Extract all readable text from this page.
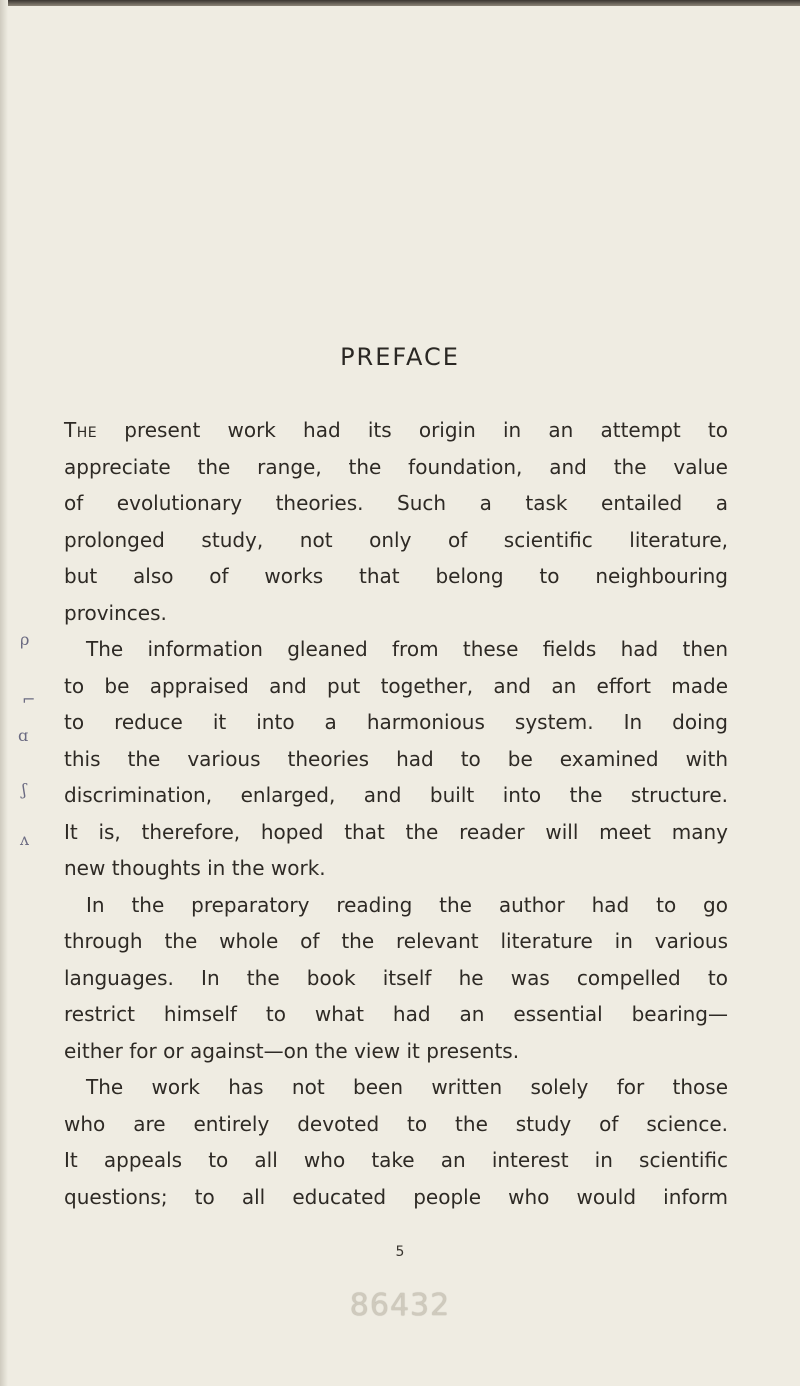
PREFACE
The present work had its origin in an attempt to
appreciate the range, the foundation, and the value
of evolutionary theories. Such a task entailed a
prolonged study, not only of scientific literature,
but also of works that belong to neighbouring
provinces.
The information gleaned from these fields had then
to be appraised and put together, and an effort made
to reduce it into a harmonious system. In doing
this the various theories had to be examined with
discrimination, enlarged, and built into the structure.
It is, therefore, hoped that the reader will meet many
new thoughts in the work.
In the preparatory reading the author had to go
through the whole of the relevant literature in various
languages. In the book itself he was compelled to
restrict himself to what had an essential bearing—
either for or against—on the view it presents.
The work has not been written solely for those
who are entirely devoted to the study of science.
It appeals to all who take an interest in scientific
questions; to all educated people who would inform
ρ
⌐
ɑ
ʃ
ʌ
5
86432
